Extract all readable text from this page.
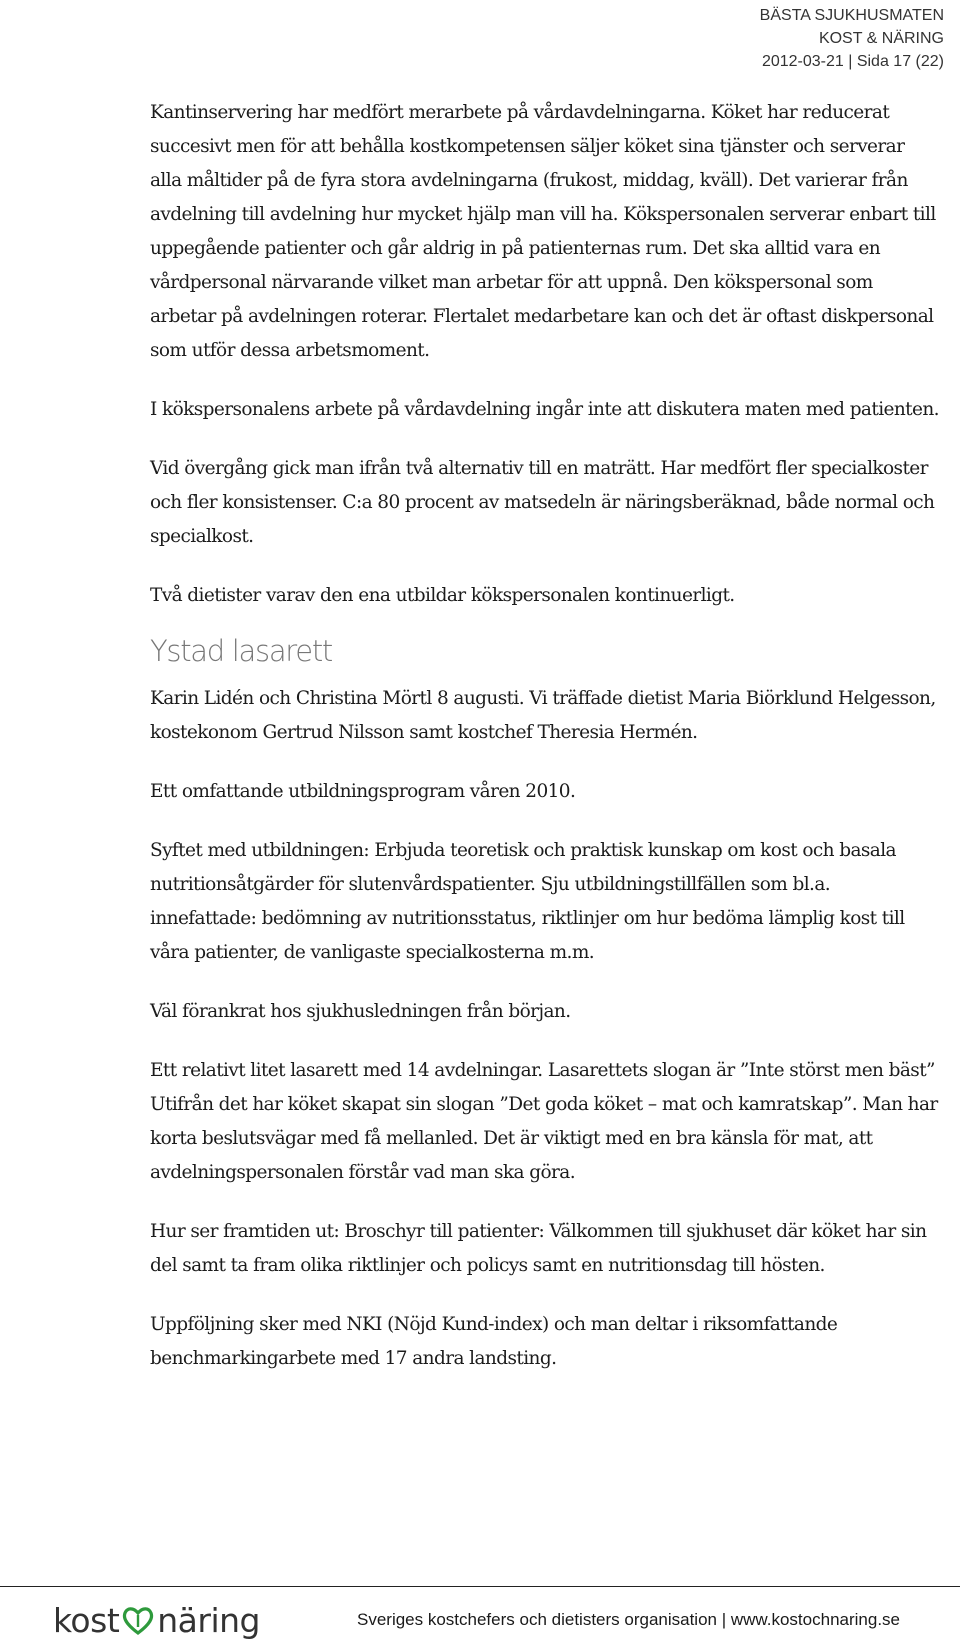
BÄSTA SJUKHUSMATEN
KOST & NÄRING
2012-03-21 | Sida 17 (22)

Kantinservering har medfört merarbete på vårdavdelningarna. Köket har reducerat succesivt men för att behålla kostkompetensen säljer köket sina tjänster och serverar alla måltider på de fyra stora avdelningarna (frukost, middag, kväll). Det varierar från avdelning till avdelning hur mycket hjälp man vill ha. Kökspersonalen serverar enbart till uppegående patienter och går aldrig in på patienternas rum. Det ska alltid vara en vårdpersonal närvarande vilket man arbetar för att uppnå. Den kökspersonal som arbetar på avdelningen roterar. Flertalet medarbetare kan och det är oftast diskpersonal som utför dessa arbetsmoment.

I kökspersonalens arbete på vårdavdelning ingår inte att diskutera maten med patienten.

Vid övergång gick man ifrån två alternativ till en maträtt. Har medfört fler specialkoster och fler konsistenser. C:a 80 procent av matsedeln är näringsberäknad, både normal och specialkost.

Två dietister varav den ena utbildar kökspersonalen kontinuerligt.

Ystad lasarett

Karin Lidén och Christina Mörtl 8 augusti. Vi träffade dietist Maria Biörklund Helgesson, kostekonom Gertrud Nilsson samt kostchef Theresia Hermén.

Ett omfattande utbildningsprogram våren 2010.

Syftet med utbildningen: Erbjuda teoretisk och praktisk kunskap om kost och basala nutritionsåtgärder för slutenvårdspatienter. Sju utbildningstillfällen som bl.a. innefattade: bedömning av nutritionsstatus, riktlinjer om hur bedöma lämplig kost till våra patienter, de vanligaste specialkosterna m.m.

Väl förankrat hos sjukhusledningen från början.

Ett relativt litet lasarett med 14 avdelningar. Lasarettets slogan är ”Inte störst men bäst” Utifrån det har köket skapat sin slogan ”Det goda köket – mat och kamratskap”. Man har korta beslutsvägar med få mellanled. Det är viktigt med en bra känsla för mat, att avdelningspersonalen förstår vad man ska göra.

Hur ser framtiden ut: Broschyr till patienter: Välkommen till sjukhuset där köket har sin del samt ta fram olika riktlinjer och policys samt en nutritionsdag till hösten.

Uppföljning sker med NKI (Nöjd Kund-index) och man deltar i riksomfattande benchmarkingarbete med 17 andra landsting.

kost näring	Sveriges kostchefers och dietisters organisation | www.kostochnaring.se
